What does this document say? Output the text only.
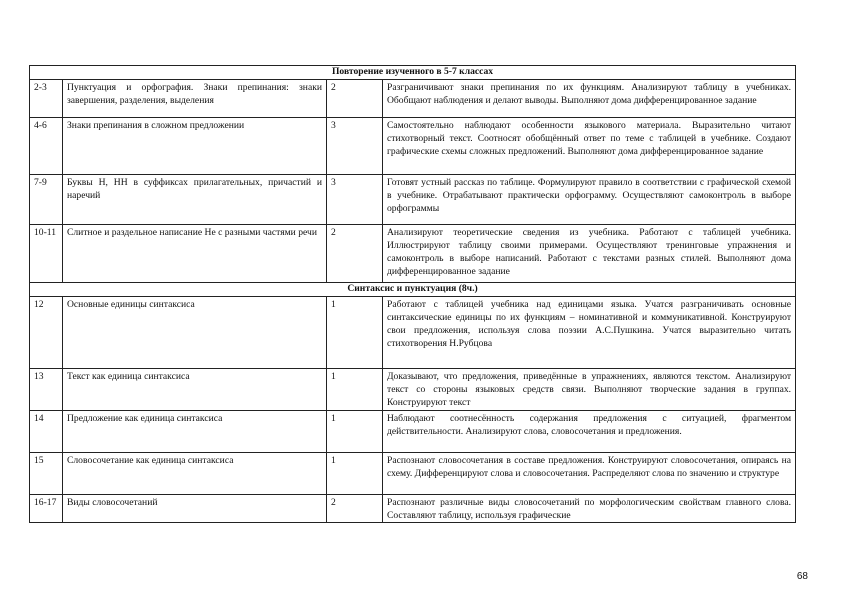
Повторение изученного в 5-7 классах			
2-3	Пунктуация и орфография. Знаки препинания: знаки завершения, разделения, выделения	2	Разграничивают знаки препинания по их функциям. Анализируют таблицу в учебниках. Обобщают наблюдения и делают выводы. Выполняют дома дифференцированное задание
4-6	Знаки препинания в сложном предложении	3	Самостоятельно наблюдают особенности языкового материала. Выразительно читают стихотворный текст. Соотносят обобщённый ответ по теме с таблицей в учебнике. Создают графические схемы сложных предложений. Выполняют дома дифференцированное задание
7-9	Буквы Н, НН в суффиксах прилагательных, причастий и наречий	3	Готовят устный рассказ по таблице. Формулируют правило в соответствии с графической схемой в учебнике. Отрабатывают практически орфограмму. Осуществляют самоконтроль в выборе орфограммы
10-11	Слитное и раздельное написание Не с разными частями речи	2	Анализируют теоретические сведения из учебника. Работают с таблицей учебника. Иллюстрируют таблицу своими примерами. Осуществляют тренинговые упражнения и самоконтроль в выборе написаний. Работают с текстами разных стилей. Выполняют дома дифференцированное задание
Синтаксис и пунктуация (8ч.)			
12	Основные единицы синтаксиса	1	Работают с таблицей учебника над единицами языка. Учатся разграничивать основные синтаксические единицы по их функциям – номинативной и коммуникативной. Конструируют свои предложения, используя слова поэзии А.С.Пушкина. Учатся выразительно читать стихотворения Н.Рубцова
13	Текст как единица синтаксиса	1	Доказывают, что предложения, приведённые в упражнениях, являются текстом. Анализируют текст со стороны языковых средств связи. Выполняют творческие задания в группах. Конструируют текст
14	Предложение как единица синтаксиса	1	Наблюдают соотнесённость содержания предложения с ситуацией, фрагментом действительности. Анализируют слова, словосочетания и предложения.
15	Словосочетание как единица синтаксиса	1	Распознают словосочетания в составе предложения. Конструируют словосочетания, опираясь на схему. Дифференцируют слова и словосочетания. Распределяют слова по значению и структуре
16-17	Виды словосочетаний	2	Распознают различные виды словосочетаний по морфологическим свойствам главного слова. Составляют таблицу, используя графические
68
